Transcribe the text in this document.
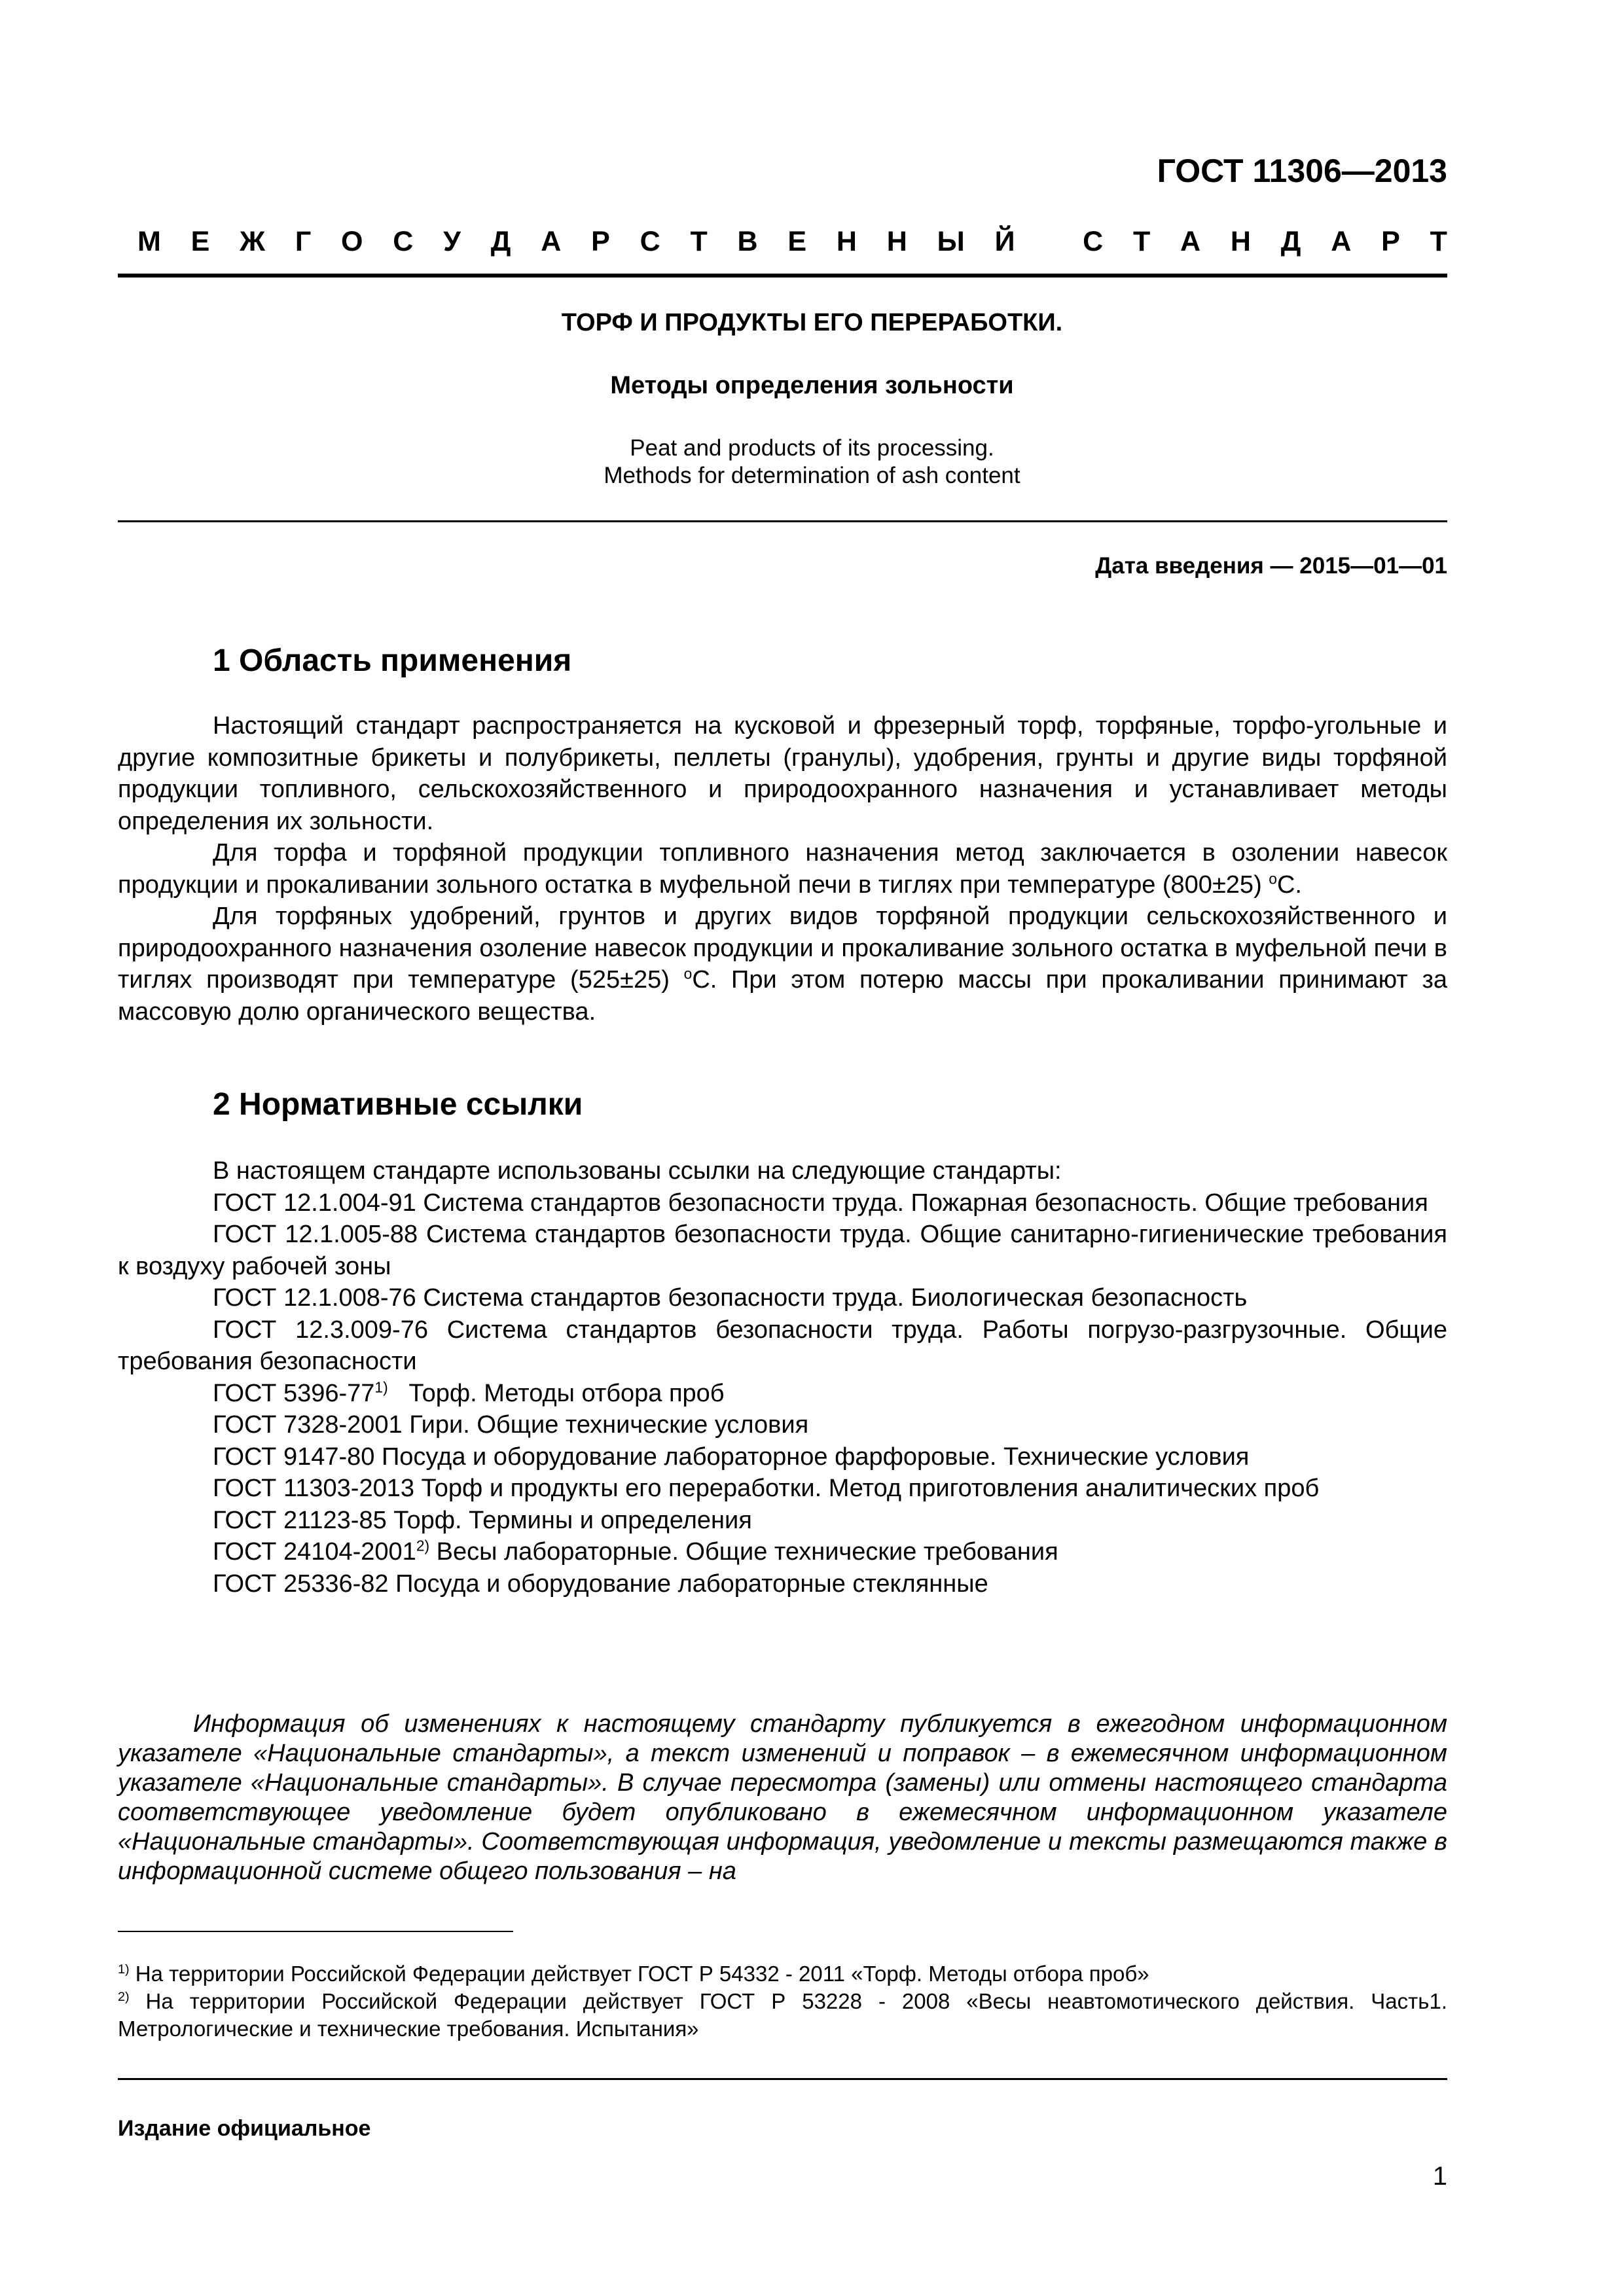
ГОСТ 11306—2013
М Е Ж Г О С У Д А Р С Т В Е Н Н Ы Й
С Т А Н Д А Р Т
ТОРФ И ПРОДУКТЫ ЕГО ПЕРЕРАБОТКИ.
Методы определения зольности
Peat and products of its processing.
Methods for determination of ash content
Дата введения — 2015—01—01
1 Область применения

Настоящий стандарт распространяется на кусковой и фрезерный торф, торфяные, торфо-угольные и другие композитные брикеты и полубрикеты, пеллеты (гранулы), удобрения, грунты и другие виды торфяной продукции топливного, сельскохозяйственного и природоохранного назначения и устанавливает методы определения их зольности.

Для торфа и торфяной продукции топливного назначения метод заключается в озолении навесок продукции и прокаливании зольного остатка в муфельной печи в тиглях при температуре (800±25) $^о$С.

Для торфяных удобрений, грунтов и других видов торфяной продукции сельскохозяйственного и природоохранного назначения озоление навесок продукции и прокаливание зольного остатка в муфельной печи в тиглях производят при температуре (525±25) $^о$С. При этом потерю массы при прокаливании принимают за массовую долю органического вещества.

2 Нормативные ссылки

В настоящем стандарте использованы ссылки на следующие стандарты:

ГОСТ 12.1.004-91 Система стандартов безопасности труда. Пожарная безопасность. Общие требования

ГОСТ 12.1.005-88 Система стандартов безопасности труда. Общие санитарно-гигиенические требования к воздуху рабочей зоны

ГОСТ 12.1.008-76 Система стандартов безопасности труда. Биологическая безопасность

ГОСТ 12.3.009-76 Система стандартов безопасности труда. Работы погрузо-разгрузочные. Общие требования безопасности

ГОСТ 5396-77$^{1)}$   Торф. Методы отбора проб

ГОСТ 7328-2001 Гири. Общие технические условия

ГОСТ 9147-80 Посуда и оборудование лабораторное фарфоровые. Технические условия

ГОСТ 11303-2013 Торф и продукты его переработки. Метод приготовления аналитических проб

ГОСТ 21123-85 Торф. Термины и определения

ГОСТ 24104-2001$^{2)}$ Весы лабораторные. Общие технические требования

ГОСТ 25336-82 Посуда и оборудование лабораторные стеклянные

Информация об изменениях к настоящему стандарту публикуется в ежегодном информационном указателе «Национальные стандарты», а текст изменений и поправок – в ежемесячном информационном указателе «Национальные стандарты». В случае пересмотра (замены) или отмены настоящего стандарта соответствующее уведомление будет опубликовано в ежемесячном информационном указателе «Национальные стандарты». Соответствующая информация, уведомление и тексты размещаются также в информационной системе общего пользования – на

$^{1)}$ На территории Российской Федерации действует ГОСТ Р 54332 - 2011 «Торф. Методы отбора проб»

$^{2)}$ На территории Российской Федерации действует ГОСТ Р 53228 - 2008 «Весы неавтомотического действия. Часть1. Метрологические и технические требования. Испытания»

Издание официальное
1
